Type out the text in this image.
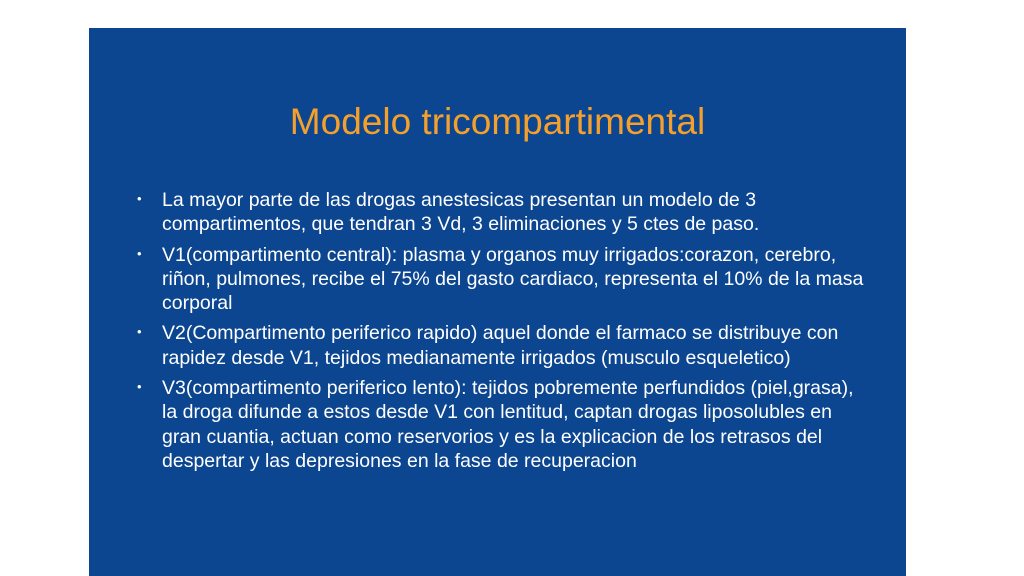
Modelo tricompartimental
• La mayor parte de las drogas anestesicas presentan un modelo de 3 compartimentos, que tendran 3 Vd, 3 eliminaciones y 5 ctes de paso.
• V1(compartimento central): plasma y organos muy irrigados:corazon, cerebro, riñon, pulmones, recibe el 75% del gasto cardiaco, representa el 10% de la masa corporal
• V2(Compartimento periferico rapido) aquel donde el farmaco se distribuye con rapidez desde V1, tejidos medianamente irrigados (musculo esqueletico)
• V3(compartimento periferico lento): tejidos pobremente perfundidos (piel,grasa), la droga difunde a estos desde V1 con lentitud, captan drogas liposolubles en gran cuantia, actuan como reservorios y es la explicacion de los retrasos del despertar y las depresiones en la fase de recuperacion
